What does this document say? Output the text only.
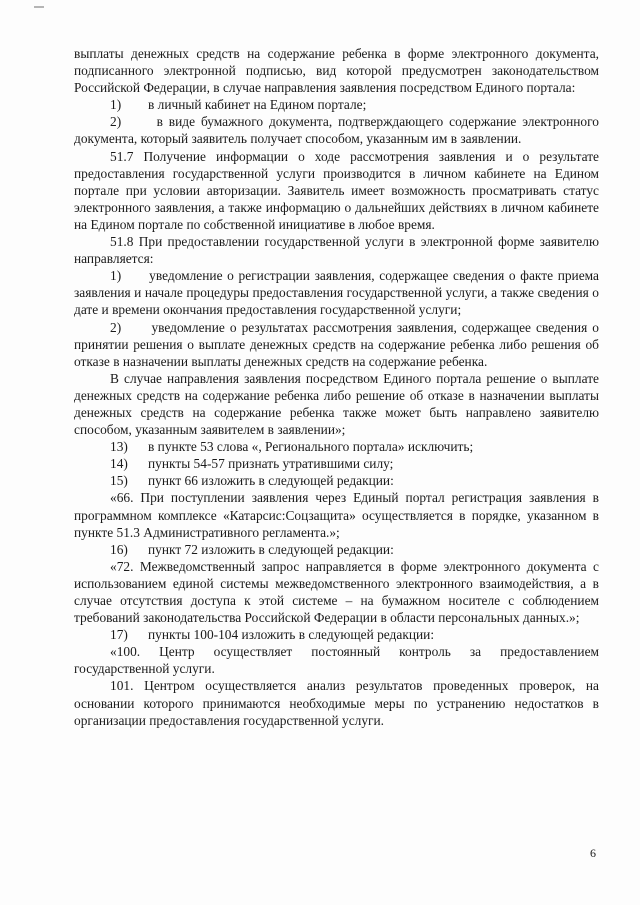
выплаты денежных средств на содержание ребенка в форме электронного документа, подписанного электронной подписью, вид которой предусмотрен законодательством Российской Федерации, в случае направления заявления посредством Единого портала:

1)	в личный кабинет на Едином портале;

2)	в виде бумажного документа, подтверждающего содержание электронного документа, который заявитель получает способом, указанным им в заявлении.

51.7 Получение информации о ходе рассмотрения заявления и о результате предоставления государственной услуги производится в личном кабинете на Едином портале при условии авторизации. Заявитель имеет возможность просматривать статус электронного заявления, а также информацию о дальнейших действиях в личном кабинете на Едином портале по собственной инициативе в любое время.

51.8 При предоставлении государственной услуги в электронной форме заявителю направляется:

1) уведомление о регистрации заявления, содержащее сведения о факте приема заявления и начале процедуры предоставления государственной услуги, а также сведения о дате и времени окончания предоставления государственной услуги;

2) уведомление о результатах рассмотрения заявления, содержащее сведения о принятии решения о выплате денежных средств на содержание ребенка либо решения об отказе в назначении выплаты денежных средств на содержание ребенка.

В случае направления заявления посредством Единого портала решение о выплате денежных средств на содержание ребенка либо решение об отказе в назначении выплаты денежных средств на содержание ребенка также может быть направлено заявителю способом, указанным заявителем в заявлении»;

13)	в пункте 53 слова «, Регионального портала» исключить;

14)	пункты 54-57 признать утратившими силу;

15)	пункт 66 изложить в следующей редакции:

«66. При поступлении заявления через Единый портал регистрация заявления в программном комплексе «Катарсис:Соцзащита» осуществляется в порядке, указанном в пункте 51.3 Административного регламента.»;

16)	пункт 72 изложить в следующей редакции:

«72. Межведомственный запрос направляется в форме электронного документа с использованием единой системы межведомственного электронного взаимодействия, а в случае отсутствия доступа к этой системе – на бумажном носителе с соблюдением требований законодательства Российской Федерации в области персональных данных.»;

17)	пункты 100-104 изложить в следующей редакции:

«100. Центр осуществляет постоянный контроль за предоставлением государственной услуги.

101. Центром осуществляется анализ результатов проведенных проверок, на основании которого принимаются необходимые меры по устранению недостатков в организации предоставления государственной услуги.

6
